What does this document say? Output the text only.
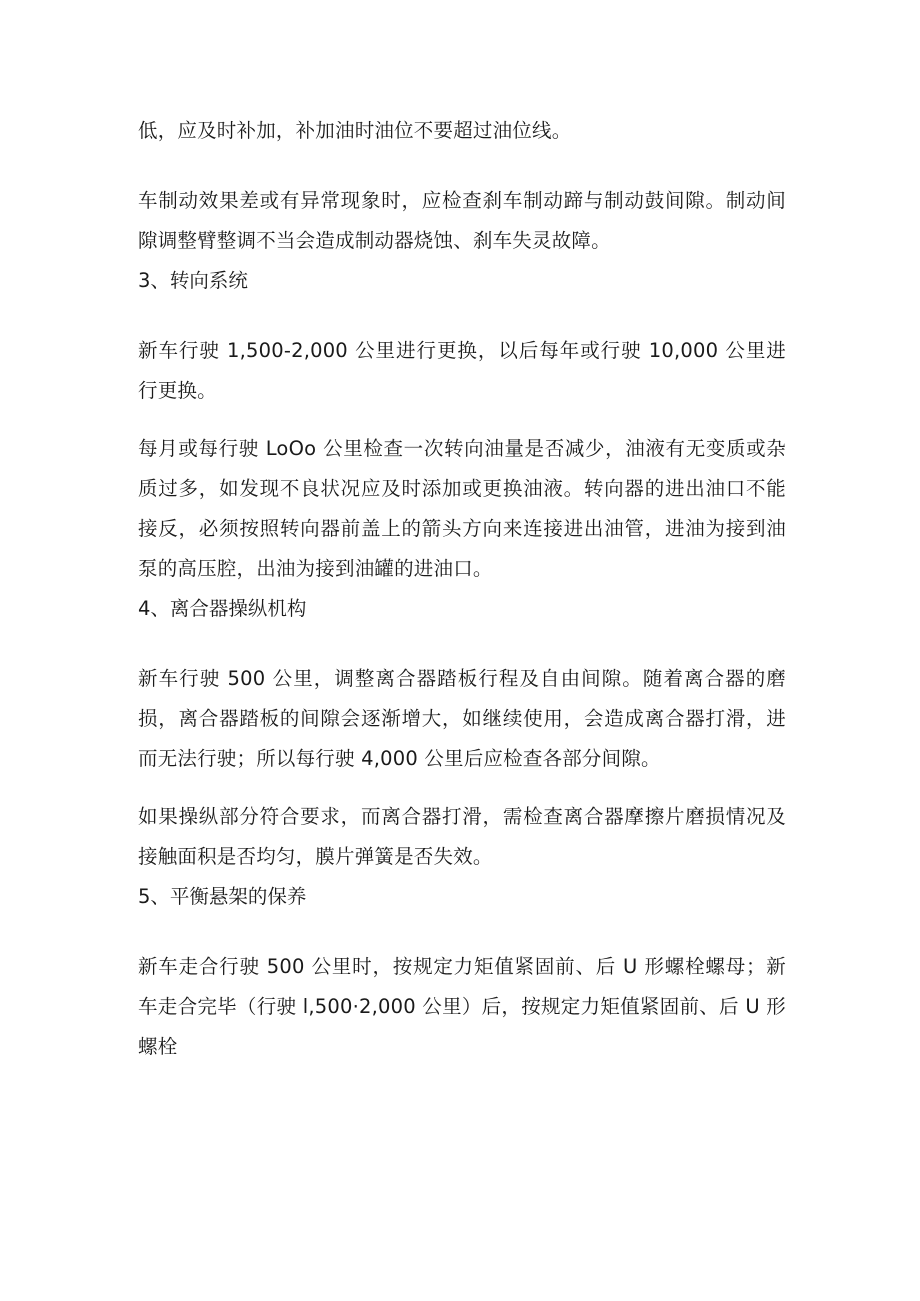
低，应及时补加，补加油时油位不要超过油位线。

车制动效果差或有异常现象时，应检查刹车制动蹄与制动鼓间隙。制动间隙调整臂整调不当会造成制动器烧蚀、刹车失灵故障。

3、转向系统

新车行驶 1,500-2,000 公里进行更换，以后每年或行驶 10,000 公里进行更换。

每月或每行驶 LoOo 公里检查一次转向油量是否减少，油液有无变质或杂质过多，如发现不良状况应及时添加或更换油液。转向器的进出油口不能接反，必须按照转向器前盖上的箭头方向来连接进出油管，进油为接到油泵的高压腔，出油为接到油罐的进油口。

4、离合器操纵机构

新车行驶 500 公里，调整离合器踏板行程及自由间隙。随着离合器的磨损，离合器踏板的间隙会逐渐增大，如继续使用，会造成离合器打滑，进而无法行驶；所以每行驶 4,000 公里后应检查各部分间隙。

如果操纵部分符合要求，而离合器打滑，需检查离合器摩擦片磨损情况及接触面积是否均匀，膜片弹簧是否失效。

5、平衡悬架的保养

新车走合行驶 500 公里时，按规定力矩值紧固前、后 U 形螺栓螺母；新车走合完毕（行驶 l,500·2,000 公里）后，按规定力矩值紧固前、后 U 形螺栓
